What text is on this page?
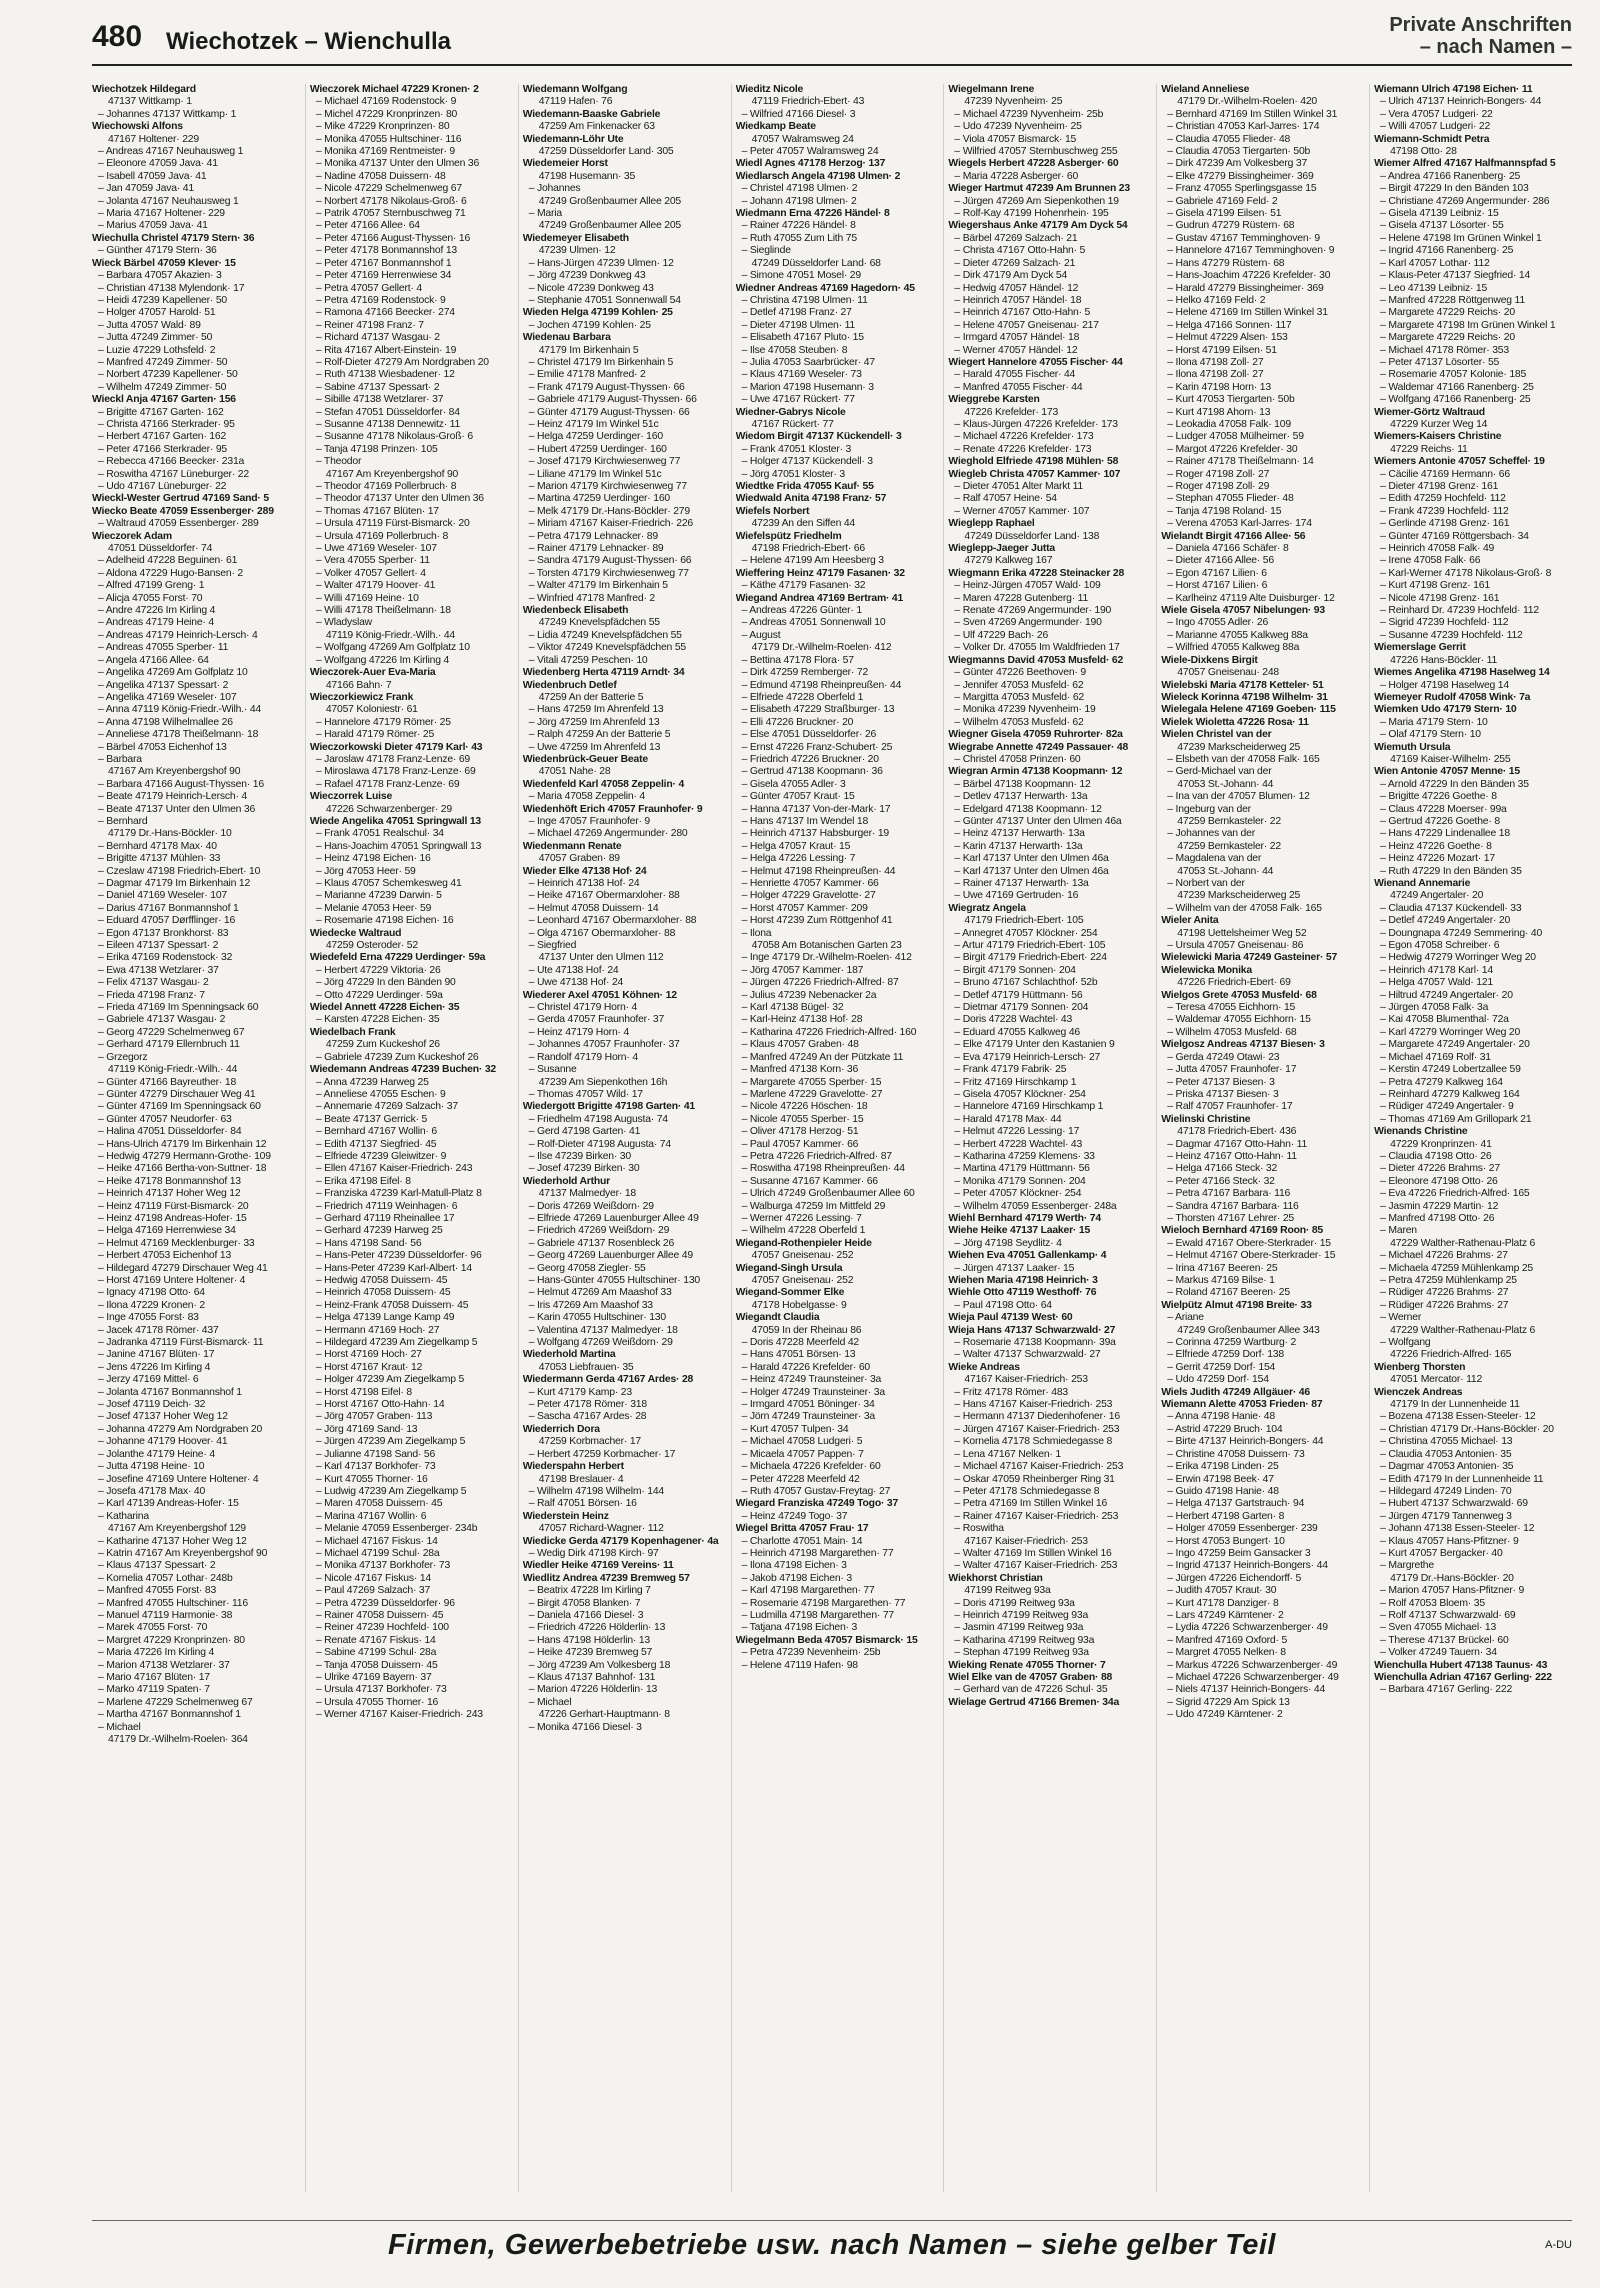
480 Wiechotzek – Wienchulla
Private Anschriften
– nach Namen –
Wiechotzek Hildegard
47137 Wittkamp· 1
– Johannes 47137 Wittkamp· 1
Wiechowski Alfons
47167 Holtener· 229
– Andreas 47167 Neuhausweg 1
– Eleonore 47059 Java· 41
– Isabell 47059 Java· 41
– Jan 47059 Java· 41
– Jolanta 47167 Neuhausweg 1
– Maria 47167 Holtener· 229
– Marius 47059 Java· 41
Wiechulla Christel 47179 Stern· 36
– Günther 47179 Stern· 36
Wieck Bärbel 47059 Klever· 15
– Barbara 47057 Akazien· 3
– Christian 47138 Mylendonk· 17
– Heidi 47239 Kapellener· 50
– Holger 47057 Harold· 51
– Jutta 47057 Wald· 89
– Jutta 47249 Zimmer· 50
– Luzie 47229 Lothsfeld· 2
– Manfred 47249 Zimmer· 50
– Norbert 47239 Kapellener· 50
– Wilhelm 47249 Zimmer· 50
Wieckl Anja 47167 Garten· 156
– Brigitte 47167 Garten· 162
– Christa 47166 Sterkrader· 95
– Herbert 47167 Garten· 162
– Peter 47166 Sterkrader· 95
– Rebecca 47166 Beecker· 231a
– Roswitha 47167 Lüneburger· 22
– Udo 47167 Lüneburger· 22
Wieckl-Wester Gertrud 47169 Sand· 5
Wiecko Beate 47059 Essenberger· 289
– Waltraud 47059 Essenberger· 289
Wieczorek Adam
47051 Düsseldorfer· 74
– Adelheid 47228 Beguinen· 61
– Aldona 47229 Hugo-Bansen· 2
– Alfred 47199 Greng· 1
– Alicja 47055 Forst· 70
– Andre 47226 Im Kirling 4
– Andreas 47179 Heine· 4
– Andreas 47179 Heinrich-Lersch· 4
– Andreas 47055 Sperber· 11
– Angela 47166 Allee· 64
– Angelika 47269 Am Golfplatz 10
– Angelika 47137 Spessart· 2
– Angelika 47169 Weseler· 107
– Anna 47119 König-Friedr.-Wilh.· 44
– Anna 47198 Wilhelmallee 26
– Anneliese 47178 Theißelmann· 18
– Bärbel 47053 Eichenhof 13
– Barbara
47167 Am Kreyenbergshof 90
– Barbara 47166 August-Thyssen· 16
– Beate 47179 Heinrich-Lersch· 4
– Beate 47137 Unter den Ulmen 36
– Bernhard
47179 Dr.-Hans-Böckler· 10
– Bernhard 47178 Max· 40
– Brigitte 47137 Mühlen· 33
– Czeslaw 47198 Friedrich-Ebert· 10
– Dagmar 47179 Im Birkenhain 12
– Daniel 47169 Weseler· 107
– Darius 47167 Bonmannshof 1
– Eduard 47057 Dørfflinger· 16
– Egon 47137 Bronkhorst· 83
– Eileen 47137 Spessart· 2
– Erika 47169 Rodenstock· 32
– Ewa 47138 Wetzlarer· 37
– Felix 47137 Wasgau· 2
– Frieda 47198 Franz· 7
– Frieda 47169 Im Spenningsack 60
– Gabriele 47137 Wasgau· 2
– Georg 47229 Schelmenweg 67
– Gerhard 47179 Ellernbruch 11
– Grzegorz
47119 König-Friedr.-Wilh.· 44
– Günter 47166 Bayreuther· 18
– Günter 47279 Dirschauer Weg 41
– Günter 47169 Im Spenningsack 60
– Günter 47057 Neudorfer· 63
– Halina 47051 Düsseldorfer· 84
– Hans-Ulrich 47179 Im Birkenhain 12
– Hedwig 47279 Hermann-Grothe· 109
– Heike 47166 Bertha-von-Suttner· 18
– Heike 47178 Bonmannshof 13
– Heinrich 47137 Hoher Weg 12
– Heinz 47119 Fürst-Bismarck· 20
– Heinz 47198 Andreas-Hofer· 15
– Helga 47169 Herrenwiese 34
– Helmut 47169 Mecklenburger· 33
– Herbert 47053 Eichenhof 13
– Hildegard 47279 Dirschauer Weg 41
– Horst 47169 Untere Holtener· 4
– Ignacy 47198 Otto· 64
– Ilona 47229 Kronen· 2
– Inge 47055 Forst· 83
– Jacek 47178 Römer· 437
– Jadranka 47119 Fürst-Bismarck· 11
– Janine 47167 Blüten· 17
– Jens 47226 Im Kirling 4
– Jerzy 47169 Mittel· 6
– Jolanta 47167 Bonmannshof 1
– Josef 47119 Deich· 32
– Josef 47137 Hoher Weg 12
– Johanna 47279 Am Nordgraben 20
– Johanne 47179 Hoover· 41
– Jolanthe 47179 Heine· 4
– Jutta 47198 Heine· 10
– Josefine 47169 Untere Holtener· 4
– Josefa 47178 Max· 40
– Karl 47139 Andreas-Hofer· 15
– Katharina
47167 Am Kreyenbergshof 129
– Katharine 47137 Hoher Weg 12
– Katrin 47167 Am Kreyenbergshof 90
– Klaus 47137 Spessart· 2
– Kornelia 47057 Lothar· 248b
– Manfred 47055 Forst· 83
– Manfred 47055 Hultschiner· 116
– Manuel 47119 Harmonie· 38
– Marek 47055 Forst· 70
– Margret 47229 Kronprinzen· 80
– Maria 47226 Im Kirling 4
– Marion 47138 Wetzlarer· 37
– Mario 47167 Blüten· 17
– Marko 47119 Spaten· 7
– Marlene 47229 Schelmenweg 67
– Martha 47167 Bonmannshof 1
– Michael
47179 Dr.-Wilhelm-Roelen· 364
Wieczorek Michael 47229 Kronen· 2
– Michael 47169 Rodenstock· 9
– Michel 47229 Kronprinzen· 80
– Mike 47229 Kronprinzen· 80
– Monika 47055 Hultschiner· 116
– Monika 47169 Rentmeister· 9
– Monika 47137 Unter den Ulmen 36
– Nadine 47058 Duissern· 48
– Nicole 47229 Schelmenweg 67
– Norbert 47178 Nikolaus-Groß· 6
– Patrik 47057 Sternbuschweg 71
– Peter 47166 Allee· 64
– Peter 47166 August-Thyssen· 16
– Peter 47178 Bonmannshof 13
– Peter 47167 Bonmannshof 1
– Peter 47169 Herrenwiese 34
– Petra 47057 Gellert· 4
– Petra 47169 Rodenstock· 9
– Ramona 47166 Beecker· 274
– Reiner 47198 Franz· 7
– Richard 47137 Wasgau· 2
– Rita 47167 Albert-Einstein· 19
– Rolf-Dieter 47279 Am Nordgraben 20
– Ruth 47138 Wiesbadener· 12
– Sabine 47137 Spessart· 2
– Sibille 47138 Wetzlarer· 37
– Stefan 47051 Düsseldorfer· 84
– Susanne 47138 Dennewitz· 11
– Susanne 47178 Nikolaus-Groß· 6
– Tanja 47198 Prinzen· 105
– Theodor
47167 Am Kreyenbergshof 90
– Theodor 47169 Pollerbruch· 8
– Theodor 47137 Unter den Ulmen 36
– Thomas 47167 Blüten· 17
– Ursula 47119 Fürst-Bismarck· 20
– Ursula 47169 Pollerbruch· 8
– Uwe 47169 Weseler· 107
– Vera 47055 Sperber· 11
– Volker 47057 Gellert· 4
– Walter 47179 Hoover· 41
– Willi 47169 Heine· 10
– Willi 47178 Theißelmann· 18
– Wladyslaw
47119 König-Friedr.-Wilh.· 44
– Wolfgang 47269 Am Golfplatz 10
– Wolfgang 47226 Im Kirling 4
Wieczorek-Auer Eva-Maria
47166 Bahn· 7
Wieczorkiewicz Frank
47057 Koloniestr· 61
– Hannelore 47179 Römer· 25
– Harald 47179 Römer· 25
Wieczorkowski Dieter 47179 Karl· 43
– Jaroslaw 47178 Franz-Lenze· 69
– Miroslawa 47178 Franz-Lenze· 69
– Rafael 47178 Franz-Lenze· 69
Wieczorrek Luise
47226 Schwarzenberger· 29
Wiede Angelika 47051 Springwall 13
– Frank 47051 Realschul· 34
– Hans-Joachim 47051 Springwall 13
– Heinz 47198 Eichen· 16
– Jörg 47053 Heer· 59
– Klaus 47057 Schemkesweg 41
– Marianne 47239 Darwin· 5
– Melanie 47053 Heer· 59
– Rosemarie 47198 Eichen· 16
Wiedecke Waltraud
47259 Osteroder· 52
Wiedefeld Erna 47229 Uerdinger· 59a
– Herbert 47229 Viktoria· 26
– Jörg 47229 In den Bänden 90
– Otto 47229 Uerdinger· 59a
Wiedel Annett 47228 Eichen· 35
– Karsten 47228 Eichen· 35
Wiedelbach Frank
47259 Zum Kuckeshof 26
– Gabriele 47239 Zum Kuckeshof 26
Wiedemann Andreas 47239 Buchen· 32
– Anna 47239 Harweg 25
– Anneliese 47055 Eschen· 9
– Annemarie 47269 Salzach· 37
– Beate 47137 Gerrick· 5
– Bernhard 47167 Wollin· 6
– Edith 47137 Siegfried· 45
– Elfriede 47239 Gleiwitzer· 9
– Ellen 47167 Kaiser-Friedrich· 243
– Erika 47198 Eifel· 8
– Franziska 47239 Karl-Matull-Platz 8
– Friedrich 47119 Weinhagen· 6
– Gerhard 47119 Rheinallee 17
– Gerhard 47239 Harweg 25
– Hans 47198 Sand· 56
– Hans-Peter 47239 Düsseldorfer· 96
– Hans-Peter 47239 Karl-Albert· 14
– Hedwig 47058 Duissern· 45
– Heinrich 47058 Duissern· 45
– Heinz-Frank 47058 Duissern· 45
– Helga 47139 Lange Kamp 49
– Hermann 47169 Hoch· 27
– Hildegard 47239 Am Ziegelkamp 5
– Horst 47169 Hoch· 27
– Horst 47167 Kraut· 12
– Holger 47239 Am Ziegelkamp 5
– Horst 47198 Eifel· 8
– Horst 47167 Otto-Hahn· 14
– Jörg 47057 Graben· 113
– Jörg 47169 Sand· 13
– Jürgen 47239 Am Ziegelkamp 5
– Julianne 47198 Sand· 56
– Karl 47137 Borkhofer· 73
– Kurt 47055 Thorner· 16
– Ludwig 47239 Am Ziegelkamp 5
– Maren 47058 Duissern· 45
– Marina 47167 Wollin· 6
– Melanie 47059 Essenberger· 234b
– Michael 47167 Fiskus· 14
– Michael 47199 Schul· 28a
– Monika 47137 Borkhofer· 73
– Nicole 47167 Fiskus· 14
– Paul 47269 Salzach· 37
– Petra 47239 Düsseldorfer· 96
– Rainer 47058 Duissern· 45
– Reiner 47239 Hochfeld· 100
– Renate 47167 Fiskus· 14
– Sabine 47199 Schul· 28a
– Tanja 47058 Duissern· 45
– Ulrike 47169 Bayern· 37
– Ursula 47137 Borkhofer· 73
– Ursula 47055 Thorner· 16
– Werner 47167 Kaiser-Friedrich· 243
Wiedemann Wolfgang
47119 Hafen· 76
Wiedemann-Baaske Gabriele
47259 Am Finkenacker 63
Wiedemann-Löhr Ute
47259 Düsseldorfer Land· 305
Wiedemeier Horst
47198 Husemann· 35
– Johannes
47249 Großenbaumer Allee 205
– Maria
47249 Großenbaumer Allee 205
Wiedemeyer Elisabeth
47239 Ulmen· 12
– Hans-Jürgen 47239 Ulmen· 12
– Jörg 47239 Donkweg 43
– Nicole 47239 Donkweg 43
– Stephanie 47051 Sonnenwall 54
Wieden Helga 47199 Kohlen· 25
– Jochen 47199 Kohlen· 25
Wiedenau Barbara
47179 Im Birkenhain 5
– Christel 47179 Im Birkenhain 5
– Emilie 47178 Manfred· 2
– Frank 47179 August-Thyssen· 66
– Gabriele 47179 August-Thyssen· 66
– Günter 47179 August-Thyssen· 66
– Heinz 47179 Im Winkel 51c
– Helga 47259 Uerdinger· 160
– Hubert 47259 Uerdinger· 160
– Josef 47179 Kirchwiesenweg 77
– Liliane 47179 Im Winkel 51c
– Marion 47179 Kirchwiesenweg 77
– Martina 47259 Uerdinger· 160
– Melk 47179 Dr.-Hans-Böckler· 279
– Miriam 47167 Kaiser-Friedrich· 226
– Petra 47179 Lehnacker· 89
– Rainer 47179 Lehnacker· 89
– Sandra 47179 August-Thyssen· 66
– Torsten 47179 Kirchwiesenweg 77
– Walter 47179 Im Birkenhain 5
– Winfried 47178 Manfred· 2
Wiedenbeck Elisabeth
47249 Knevelspfädchen 55
– Lidia 47249 Knevelspfädchen 55
– Viktor 47249 Knevelspfädchen 55
– Vitali 47259 Peschen· 10
Wiedenberg Herta 47119 Arndt· 34
Wiedenbruch Detlef
47259 An der Batterie 5
– Hans 47259 Im Ahrenfeld 13
– Jörg 47259 Im Ahrenfeld 13
– Ralph 47259 An der Batterie 5
– Uwe 47259 Im Ahrenfeld 13
Wiedenbrück-Geuer Beate
47051 Nahe· 28
Wiedenfeld Karl 47058 Zeppelin· 4
– Maria 47058 Zeppelin· 4
Wiedenhöft Erich 47057 Fraunhofer· 9
– Inge 47057 Fraunhofer· 9
– Michael 47269 Angermunder· 280
Wiedenmann Renate
47057 Graben· 89
Wieder Elke 47138 Hof· 24
– Heinrich 47138 Hof· 24
– Heike 47167 Obermarxloher· 88
– Helmut 47058 Duissern· 14
– Leonhard 47167 Obermarxloher· 88
– Olga 47167 Obermarxloher· 88
– Siegfried
47137 Unter den Ulmen 112
– Ute 47138 Hof· 24
– Uwe 47138 Hof· 24
Wiederer Axel 47051 Köhnen· 12
– Christel 47179 Horn· 4
– Gerda 47057 Fraunhofer· 37
– Heinz 47179 Horn· 4
– Johannes 47057 Fraunhofer· 37
– Randolf 47179 Horn· 4
– Susanne
47239 Am Siepenkothen 16h
– Thomas 47057 Wild· 17
Wiedergott Brigitte 47198 Garten· 41
– Friedhelm 47198 Augusta· 74
– Gerd 47198 Garten· 41
– Rolf-Dieter 47198 Augusta· 74
– Ilse 47239 Birken· 30
– Josef 47239 Birken· 30
Wiederhold Arthur
47137 Malmedyer· 18
– Doris 47269 Weißdorn· 29
– Elfriede 47269 Lauenburger Allee 49
– Friedrich 47269 Weißdorn· 29
– Gabriele 47137 Rosenbleck 26
– Georg 47269 Lauenburger Allee 49
– Georg 47058 Ziegler· 55
– Hans-Günter 47055 Hultschiner· 130
– Helmut 47269 Am Maashof 33
– Iris 47269 Am Maashof 33
– Karin 47055 Hultschiner· 130
– Valentina 47137 Malmedyer· 18
– Wolfgang 47269 Weißdorn· 29
Wiederhold Martina
47053 Liebfrauen· 35
Wiedermann Gerda 47167 Ardes· 28
– Kurt 47179 Kamp· 23
– Peter 47178 Römer· 318
– Sascha 47167 Ardes· 28
Wiederrich Dora
47259 Korbmacher· 17
– Herbert 47259 Korbmacher· 17
Wiederspahn Herbert
47198 Breslauer· 4
– Wilhelm 47198 Wilhelm· 144
– Ralf 47051 Börsen· 16
Wiederstein Heinz
47057 Richard-Wagner· 112
Wiedicke Gerda 47179 Kopenhagener· 4a
– Wedig Dirk 47198 Kirch· 97
Wiedler Heike 47169 Vereins· 11
Wiedlitz Andrea 47239 Bremweg 57
– Beatrix 47228 Im Kirling 7
– Birgit 47058 Blanken· 7
– Daniela 47166 Diesel· 3
– Friedrich 47226 Hölderlin· 13
– Hans 47198 Hölderlin· 13
– Heike 47239 Bremweg 57
– Jörg 47239 Am Volkesberg 18
– Klaus 47137 Bahnhof· 131
– Marion 47226 Hölderlin· 13
– Michael
47226 Gerhart-Hauptmann· 8
– Monika 47166 Diesel· 3
Wieditz Nicole
47119 Friedrich-Ebert· 43
– Wilfried 47166 Diesel· 3
Wiedkamp Beate
47057 Walramsweg 24
– Peter 47057 Walramsweg 24
Wiedl Agnes 47178 Herzog· 137
Wiedlarsch Angela 47198 Ulmen· 2
– Christel 47198 Ulmen· 2
– Johann 47198 Ulmen· 2
Wiedmann Erna 47226 Händel· 8
– Rainer 47226 Händel· 8
– Ruth 47055 Zum Lith 75
– Sieglinde
47249 Düsseldorfer Land· 68
– Simone 47051 Mosel· 29
Wiedner Andreas 47169 Hagedorn· 45
– Christina 47198 Ulmen· 11
– Detlef 47198 Franz· 27
– Dieter 47198 Ulmen· 11
– Elisabeth 47167 Pluto· 15
– Ilse 47058 Steuben· 8
– Julia 47053 Saarbrücker· 47
– Klaus 47169 Weseler· 73
– Marion 47198 Husemann· 3
– Uwe 47167 Rückert· 77
Wiedner-Gabrys Nicole
47167 Rückert· 77
Wiedom Birgit 47137 Kückendell· 3
– Frank 47051 Kloster· 3
– Holger 47137 Kückendell· 3
– Jörg 47051 Kloster· 3
Wiedtke Frida 47055 Kauf· 55
Wiedwald Anita 47198 Franz· 57
Wiefels Norbert
47239 An den Siffen 44
Wiefelspütz Friedhelm
47198 Friedrich-Ebert· 66
– Helene 47199 Am Heesberg 3
Wieffering Heinz 47179 Fasanen· 32
– Käthe 47179 Fasanen· 32
Wiegand Andrea 47169 Bertram· 41
– Andreas 47226 Günter· 1
– Andreas 47051 Sonnenwall 10
– August
47179 Dr.-Wilhelm-Roelen· 412
– Bettina 47178 Flora· 57
– Dirk 47259 Remberger· 72
– Edmund 47198 Rheinpreußen· 44
– Elfriede 47228 Oberfeld 1
– Elisabeth 47229 Straßburger· 13
– Elli 47226 Bruckner· 20
– Else 47051 Düsseldorfer· 26
– Ernst 47226 Franz-Schubert· 25
– Friedrich 47226 Bruckner· 20
– Gertrud 47138 Koopmann· 36
– Gisela 47055 Adler· 3
– Günter 47057 Kraut· 15
– Hanna 47137 Von-der-Mark· 17
– Hans 47137 Im Wendel 18
– Heinrich 47137 Habsburger· 19
– Helga 47057 Kraut· 15
– Helga 47226 Lessing· 7
– Helmut 47198 Rheinpreußen· 44
– Henriette 47057 Kammer· 66
– Holger 47229 Gravelotte· 27
– Horst 47057 Kammer· 209
– Horst 47239 Zum Röttgenhof 41
– Ilona
47058 Am Botanischen Garten 23
– Inge 47179 Dr.-Wilhelm-Roelen· 412
– Jörg 47057 Kammer· 187
– Jürgen 47226 Friedrich-Alfred· 87
– Julius 47239 Nebenacker 2a
– Karl 47138 Bügel· 32
– Karl-Heinz 47138 Hof· 28
– Katharina 47226 Friedrich-Alfred· 160
– Klaus 47057 Graben· 48
– Manfred 47249 An der Pützkate 11
– Manfred 47138 Korn· 36
– Margarete 47055 Sperber· 15
– Marlene 47229 Gravelotte· 27
– Nicole 47226 Höschen· 18
– Nicole 47055 Sperber· 15
– Oliver 47178 Herzog· 51
– Paul 47057 Kammer· 66
– Petra 47226 Friedrich-Alfred· 87
– Roswitha 47198 Rheinpreußen· 44
– Susanne 47167 Kammer· 66
– Ulrich 47249 Großenbaumer Allee 60
– Walburga 47259 Im Mittfeld 29
– Werner 47226 Lessing· 7
– Wilhelm 47228 Oberfeld 1
Wiegand-Rothenpieler Heide
47057 Gneisenau· 252
Wiegand-Singh Ursula
47057 Gneisenau· 252
Wiegand-Sommer Elke
47178 Hobelgasse· 9
Wiegandt Claudia
47059 In der Rheinau 86
– Doris 47228 Meerfeld 42
– Hans 47051 Börsen· 13
– Harald 47226 Krefelder· 60
– Heinz 47249 Traunsteiner· 3a
– Holger 47249 Traunsteiner· 3a
– Irmgard 47051 Böninger· 34
– Jörn 47249 Traunsteiner· 3a
– Kurt 47057 Tulpen· 34
– Michael 47058 Ludgeri· 5
– Micaela 47057 Pappen· 7
– Michaela 47226 Krefelder· 60
– Peter 47228 Meerfeld 42
– Ruth 47057 Gustav-Freytag· 27
Wiegard Franziska 47249 Togo· 37
– Heinz 47249 Togo· 37
Wiegel Britta 47057 Frau· 17
– Charlotte 47051 Main· 14
– Heinrich 47198 Margarethen· 77
– Ilona 47198 Eichen· 3
– Jakob 47198 Eichen· 3
– Karl 47198 Margarethen· 77
– Rosemarie 47198 Margarethen· 77
– Ludmilla 47198 Margarethen· 77
– Tatjana 47198 Eichen· 3
Wiegelmann Beda 47057 Bismarck· 15
– Petra 47239 Nevenheim· 25b
– Helene 47119 Hafen· 98
Wiegelmann Irene
47239 Nyvenheim· 25
– Michael 47239 Nyvenheim· 25b
– Udo 47239 Nyvenheim· 25
– Viola 47057 Bismarck· 15
– Wilfried 47057 Sternbuschweg 255
Wiegels Herbert 47228 Asberger· 60
– Maria 47228 Asberger· 60
Wieger Hartmut 47239 Am Brunnen 23
– Jürgen 47269 Am Siepenkothen 19
– Rolf-Kay 47199 Hohenrhein· 195
Wiegershaus Anke 47179 Am Dyck 54
– Bärbel 47269 Salzach· 21
– Christa 47167 Otto-Hahn· 5
– Dieter 47269 Salzach· 21
– Dirk 47179 Am Dyck 54
– Hedwig 47057 Händel· 12
– Heinrich 47057 Händel· 18
– Heinrich 47167 Otto-Hahn· 5
– Helene 47057 Gneisenau· 217
– Irmgard 47057 Händel· 18
– Werner 47057 Händel· 12
Wiegert Hannelore 47055 Fischer· 44
– Harald 47055 Fischer· 44
– Manfred 47055 Fischer· 44
Wieggrebe Karsten
47226 Krefelder· 173
– Klaus-Jürgen 47226 Krefelder· 173
– Michael 47226 Krefelder· 173
– Renate 47226 Krefelder· 173
Wieghold Elfriede 47198 Mühlen· 58
Wiegleb Christa 47057 Kammer· 107
– Dieter 47051 Alter Markt 11
– Ralf 47057 Heine· 54
– Werner 47057 Kammer· 107
Wieglepp Raphael
47249 Düsseldorfer Land· 138
Wieglepp-Jaeger Jutta
47279 Kalkweg 167
Wiegmann Erika 47228 Steinacker 28
– Heinz-Jürgen 47057 Wald· 109
– Maren 47228 Gutenberg· 11
– Renate 47269 Angermunder· 190
– Sven 47269 Angermunder· 190
– Ulf 47229 Bach· 26
– Volker Dr. 47055 Im Waldfrieden 17
Wiegmanns David 47053 Musfeld· 62
– Günter 47226 Beethoven· 9
– Jennifer 47053 Musfeld· 62
– Margitta 47053 Musfeld· 62
– Monika 47239 Nyvenheim· 19
– Wilhelm 47053 Musfeld· 62
Wiegner Gisela 47059 Ruhrorter· 82a
Wiegrabe Annette 47249 Passauer· 48
– Christel 47058 Prinzen· 60
Wiegran Armin 47138 Koopmann· 12
– Bärbel 47138 Koopmann· 12
– Detlev 47137 Herwarth· 13a
– Edelgard 47138 Koopmann· 12
– Günter 47137 Unter den Ulmen 46a
– Heinz 47137 Herwarth· 13a
– Karin 47137 Herwarth· 13a
– Karl 47137 Unter den Ulmen 46a
– Karl 47137 Unter den Ulmen 46a
– Rainer 47137 Herwarth· 13a
– Uwe 47169 Gertruden· 16
Wiegratz Angela
47179 Friedrich-Ebert· 105
– Annegret 47057 Klöckner· 254
– Artur 47179 Friedrich-Ebert· 105
– Birgit 47179 Friedrich-Ebert· 224
– Birgit 47179 Sonnen· 204
– Bruno 47167 Schlachthof· 52b
– Detlef 47179 Hüttmann· 56
– Dietmar 47179 Sonnen· 204
– Doris 47228 Wachtel· 43
– Eduard 47055 Kalkweg 46
– Elke 47179 Unter den Kastanien 9
– Eva 47179 Heinrich-Lersch· 27
– Frank 47179 Fabrik· 25
– Fritz 47169 Hirschkamp 1
– Gisela 47057 Klöckner· 254
– Hannelore 47169 Hirschkamp 1
– Harald 47178 Max· 44
– Helmut 47226 Lessing· 17
– Herbert 47228 Wachtel· 43
– Katharina 47259 Klemens· 33
– Martina 47179 Hüttmann· 56
– Monika 47179 Sonnen· 204
– Peter 47057 Klöckner· 254
– Wilhelm 47059 Essenberger· 248a
Wiehl Bernhard 47179 Werth· 74
Wiehe Heike 47137 Laaker· 15
– Jörg 47198 Seydlitz· 4
Wiehen Eva 47051 Gallenkamp· 4
– Jürgen 47137 Laaker· 15
Wiehen Maria 47198 Heinrich· 3
Wiehle Otto 47119 Westhoff· 76
– Paul 47198 Otto· 64
Wieja Paul 47139 West· 60
Wieja Hans 47137 Schwarzwald· 27
– Rosemarie 47138 Koopmann· 39a
– Walter 47137 Schwarzwald· 27
Wieke Andreas
47167 Kaiser-Friedrich· 253
– Fritz 47178 Römer· 483
– Hans 47167 Kaiser-Friedrich· 253
– Hermann 47137 Diedenhofener· 16
– Jürgen 47167 Kaiser-Friedrich· 253
– Kornelia 47178 Schmiedegasse 8
– Lena 47167 Nelken· 1
– Michael 47167 Kaiser-Friedrich· 253
– Oskar 47059 Rheinberger Ring 31
– Peter 47178 Schmiedegasse 8
– Petra 47169 Im Stillen Winkel 16
– Rainer 47167 Kaiser-Friedrich· 253
– Roswitha
47167 Kaiser-Friedrich· 253
– Walter 47169 Im Stillen Winkel 16
– Walter 47167 Kaiser-Friedrich· 253
Wiekhorst Christian
47199 Reitweg 93a
– Doris 47199 Reitweg 93a
– Heinrich 47199 Reitweg 93a
– Jasmin 47199 Reitweg 93a
– Katharina 47199 Reitweg 93a
– Stephan 47199 Reitweg 93a
Wieking Renate 47055 Thorner· 7
Wiel Elke van de 47057 Graben· 88
– Gerhard van de 47226 Schul· 35
Wielage Gertrud 47166 Bremen· 34a
Wieland Anneliese
47179 Dr.-Wilhelm-Roelen· 420
– Bernhard 47169 Im Stillen Winkel 31
– Christian 47053 Karl-Jarres· 174
– Claudia 47055 Flieder· 48
– Claudia 47053 Tiergarten· 50b
– Dirk 47239 Am Volkesberg 37
– Elke 47279 Bissingheimer· 369
– Franz 47055 Sperlingsgasse 15
– Gabriele 47169 Feld· 2
– Gisela 47199 Eilsen· 51
– Gudrun 47279 Rüstern· 68
– Gustav 47167 Temminghoven· 9
– Hannelore 47167 Temminghoven· 9
– Hans 47279 Rüstern· 68
– Hans-Joachim 47226 Krefelder· 30
– Harald 47279 Bissingheimer· 369
– Helko 47169 Feld· 2
– Helene 47169 Im Stillen Winkel 31
– Helga 47166 Sonnen· 117
– Helmut 47229 Alsen· 153
– Horst 47199 Eilsen· 51
– Ilona 47198 Zoll· 27
– Ilona 47198 Zoll· 27
– Karin 47198 Horn· 13
– Kurt 47053 Tiergarten· 50b
– Kurt 47198 Ahorn· 13
– Leokadia 47058 Falk· 109
– Ludger 47058 Mülheimer· 59
– Margot 47226 Krefelder· 30
– Rainer 47178 Theißelmann· 14
– Roger 47198 Zoll· 27
– Roger 47198 Zoll· 29
– Stephan 47055 Flieder· 48
– Tanja 47198 Roland· 15
– Verena 47053 Karl-Jarres· 174
Wielandt Birgit 47166 Allee· 56
– Daniela 47166 Schäfer· 8
– Dieter 47166 Allee· 56
– Egon 47167 Lilien· 6
– Horst 47167 Lilien· 6
– Karlheinz 47119 Alte Duisburger· 12
Wiele Gisela 47057 Nibelungen· 93
– Ingo 47055 Adler· 26
– Marianne 47055 Kalkweg 88a
– Wilfried 47055 Kalkweg 88a
Wiele-Dixkens Birgit
47057 Gneisenau· 248
Wielebski Maria 47178 Ketteler· 51
Wieleck Korinna 47198 Wilhelm· 31
Wielegala Helene 47169 Goeben· 115
Wielek Wioletta 47226 Rosa· 11
Wielen Christel van der
47239 Markscheiderweg 25
– Elsbeth van der 47058 Falk· 165
– Gerd-Michael van der
47053 St.-Johann· 44
– Ina van der 47057 Blumen· 12
– Ingeburg van der
47259 Bernkasteler· 22
– Johannes van der
47259 Bernkasteler· 22
– Magdalena van der
47053 St.-Johann· 44
– Norbert van der
47239 Markscheiderweg 25
– Wilhelm van der 47058 Falk· 165
Wieler Anita
47198 Uettelsheimer Weg 52
– Ursula 47057 Gneisenau· 86
Wielewicki Maria 47249 Gasteiner· 57
Wielewicka Monika
47226 Friedrich-Ebert· 69
Wielgos Grete 47053 Musfeld· 68
– Teresa 47055 Eichhorn· 15
– Waldemar 47055 Eichhorn· 15
– Wilhelm 47053 Musfeld· 68
Wielgosz Andreas 47137 Biesen· 3
– Gerda 47249 Otawi· 23
– Jutta 47057 Fraunhofer· 17
– Peter 47137 Biesen· 3
– Priska 47137 Biesen· 3
– Ralf 47057 Fraunhofer· 17
Wielinski Christine
47178 Friedrich-Ebert· 436
– Dagmar 47167 Otto-Hahn· 11
– Heinz 47167 Otto-Hahn· 11
– Helga 47166 Steck· 32
– Peter 47166 Steck· 32
– Petra 47167 Barbara· 116
– Sandra 47167 Barbara· 116
– Thorsten 47167 Lehrer· 25
Wieloch Bernhard 47169 Roon· 85
– Ewald 47167 Obere-Sterkrader· 15
– Helmut 47167 Obere-Sterkrader· 15
– Irina 47167 Beeren· 25
– Markus 47169 Bilse· 1
– Roland 47167 Beeren· 25
Wielpütz Almut 47198 Breite· 33
– Ariane
47249 Großenbaumer Allee 343
– Corinna 47259 Wartburg· 2
– Elfriede 47259 Dorf· 138
– Gerrit 47259 Dorf· 154
– Udo 47259 Dorf· 154
Wiels Judith 47249 Allgäuer· 46
Wiemann Alette 47053 Frieden· 87
– Anna 47198 Hanie· 48
– Astrid 47229 Bruch· 104
– Birte 47137 Heinrich-Bongers· 44
– Christine 47058 Duissern· 73
– Erika 47198 Linden· 25
– Erwin 47198 Beek· 47
– Guido 47198 Hanie· 48
– Helga 47137 Gartstrauch· 94
– Herbert 47198 Garten· 8
– Holger 47059 Essenberger· 239
– Horst 47053 Bungert· 10
– Ingo 47259 Beim Gansacker 3
– Ingrid 47137 Heinrich-Bongers· 44
– Jürgen 47226 Eichendorff· 5
– Judith 47057 Kraut· 30
– Kurt 47178 Danziger· 8
– Lars 47249 Kärntener· 2
– Lydia 47226 Schwarzenberger· 49
– Manfred 47169 Oxford· 5
– Margret 47055 Nelken· 8
– Markus 47226 Schwarzenberger· 49
– Michael 47226 Schwarzenberger· 49
– Niels 47137 Heinrich-Bongers· 44
– Sigrid 47229 Am Spick 13
– Udo 47249 Kärntener· 2
Wiemann Ulrich 47198 Eichen· 11
– Ulrich 47137 Heinrich-Bongers· 44
– Vera 47057 Ludgeri· 22
– Willi 47057 Ludgeri· 22
Wiemann-Schmidt Petra
47198 Otto· 28
Wiemer Alfred 47167 Halfmannspfad 5
– Andrea 47166 Ranenberg· 25
– Birgit 47229 In den Bänden 103
– Christiane 47269 Angermunder· 286
– Gisela 47139 Leibniz· 15
– Gisela 47137 Lösorter· 55
– Helene 47198 Im Grünen Winkel 1
– Ingrid 47166 Ranenberg· 25
– Karl 47057 Lothar· 112
– Klaus-Peter 47137 Siegfried· 14
– Leo 47139 Leibniz· 15
– Manfred 47228 Röttgenweg 11
– Margarete 47229 Reichs· 20
– Margarete 47198 Im Grünen Winkel 1
– Margarete 47229 Reichs· 20
– Michael 47178 Römer· 353
– Peter 47137 Lösorter· 55
– Rosemarie 47057 Kolonie· 185
– Waldemar 47166 Ranenberg· 25
– Wolfgang 47166 Ranenberg· 25
Wiemer-Görtz Waltraud
47229 Kurzer Weg 14
Wiemers-Kaisers Christine
47229 Reichs· 11
Wiemers Antonie 47057 Scheffel· 19
– Cäcilie 47169 Hermann· 66
– Dieter 47198 Grenz· 161
– Edith 47259 Hochfeld· 112
– Frank 47239 Hochfeld· 112
– Gerlinde 47198 Grenz· 161
– Günter 47169 Röttgersbach· 34
– Heinrich 47058 Falk· 49
– Irene 47058 Falk· 66
– Karl-Werner 47178 Nikolaus-Groß· 8
– Kurt 47198 Grenz· 161
– Nicole 47198 Grenz· 161
– Reinhard Dr. 47239 Hochfeld· 112
– Sigrid 47239 Hochfeld· 112
– Susanne 47239 Hochfeld· 112
Wiemerslage Gerrit
47226 Hans-Böckler· 11
Wiemes Angelika 47198 Haselweg 14
– Holger 47198 Haselweg 14
Wiemeyer Rudolf 47058 Wink· 7a
Wiemken Udo 47179 Stern· 10
– Maria 47179 Stern· 10
– Olaf 47179 Stern· 10
Wiemuth Ursula
47169 Kaiser-Wilhelm· 255
Wien Antonie 47057 Menne· 15
– Arnold 47229 In den Bänden 35
– Brigitte 47226 Goethe· 8
– Claus 47228 Moerser· 99a
– Gertrud 47226 Goethe· 8
– Hans 47229 Lindenallee 18
– Heinz 47226 Goethe· 8
– Heinz 47226 Mozart· 17
– Ruth 47229 In den Bänden 35
Wienand Annemarie
47249 Angertaler· 20
– Claudia 47137 Kückendell· 33
– Detlef 47249 Angertaler· 20
– Doungnapa 47249 Semmering· 40
– Egon 47058 Schreiber· 6
– Hedwig 47279 Worringer Weg 20
– Heinrich 47178 Karl· 14
– Helga 47057 Wald· 121
– Hiltrud 47249 Angertaler· 20
– Jürgen 47058 Falk· 3a
– Kai 47058 Blumenthal· 72a
– Karl 47279 Worringer Weg 20
– Margarete 47249 Angertaler· 20
– Michael 47169 Rolf· 31
– Kerstin 47249 Lobertzallee 59
– Petra 47279 Kalkweg 164
– Reinhard 47279 Kalkweg 164
– Rüdiger 47249 Angertaler· 9
– Thomas 47169 Am Grillopark 21
Wienands Christine
47229 Kronprinzen· 41
– Claudia 47198 Otto· 26
– Dieter 47226 Brahms· 27
– Eleonore 47198 Otto· 26
– Eva 47226 Friedrich-Alfred· 165
– Jasmin 47229 Martin· 12
– Manfred 47198 Otto· 26
– Maren
47229 Walther-Rathenau-Platz 6
– Michael 47226 Brahms· 27
– Michaela 47259 Mühlenkamp 25
– Petra 47259 Mühlenkamp 25
– Rüdiger 47226 Brahms· 27
– Rüdiger 47226 Brahms· 27
– Werner
47229 Walther-Rathenau-Platz 6
– Wolfgang
47226 Friedrich-Alfred· 165
Wienberg Thorsten
47051 Mercator· 112
Wienczek Andreas
47179 In der Lunnenheide 11
– Bozena 47138 Essen-Steeler· 12
– Christian 47179 Dr.-Hans-Böckler· 20
– Christina 47055 Michael· 13
– Claudia 47053 Antonien· 35
– Dagmar 47053 Antonien· 35
– Edith 47179 In der Lunnenheide 11
– Hildegard 47249 Linden· 70
– Hubert 47137 Schwarzwald· 69
– Jürgen 47179 Tannenweg 3
– Johann 47138 Essen-Steeler· 12
– Klaus 47057 Hans-Pfitzner· 9
– Kurt 47057 Bergacker· 40
– Margrethe
47179 Dr.-Hans-Böckler· 20
– Marion 47057 Hans-Pfitzner· 9
– Rolf 47053 Bloem· 35
– Rolf 47137 Schwarzwald· 69
– Sven 47055 Michael· 13
– Therese 47137 Brückel· 60
– Volker 47249 Tauern· 34
Wienchulla Hubert 47138 Taunus· 43
Wienchulla Adrian 47167 Gerling· 222
– Barbara 47167 Gerling· 222
Firmen, Gewerbebetriebe usw. nach Namen – siehe gelber Teil	A-DU
